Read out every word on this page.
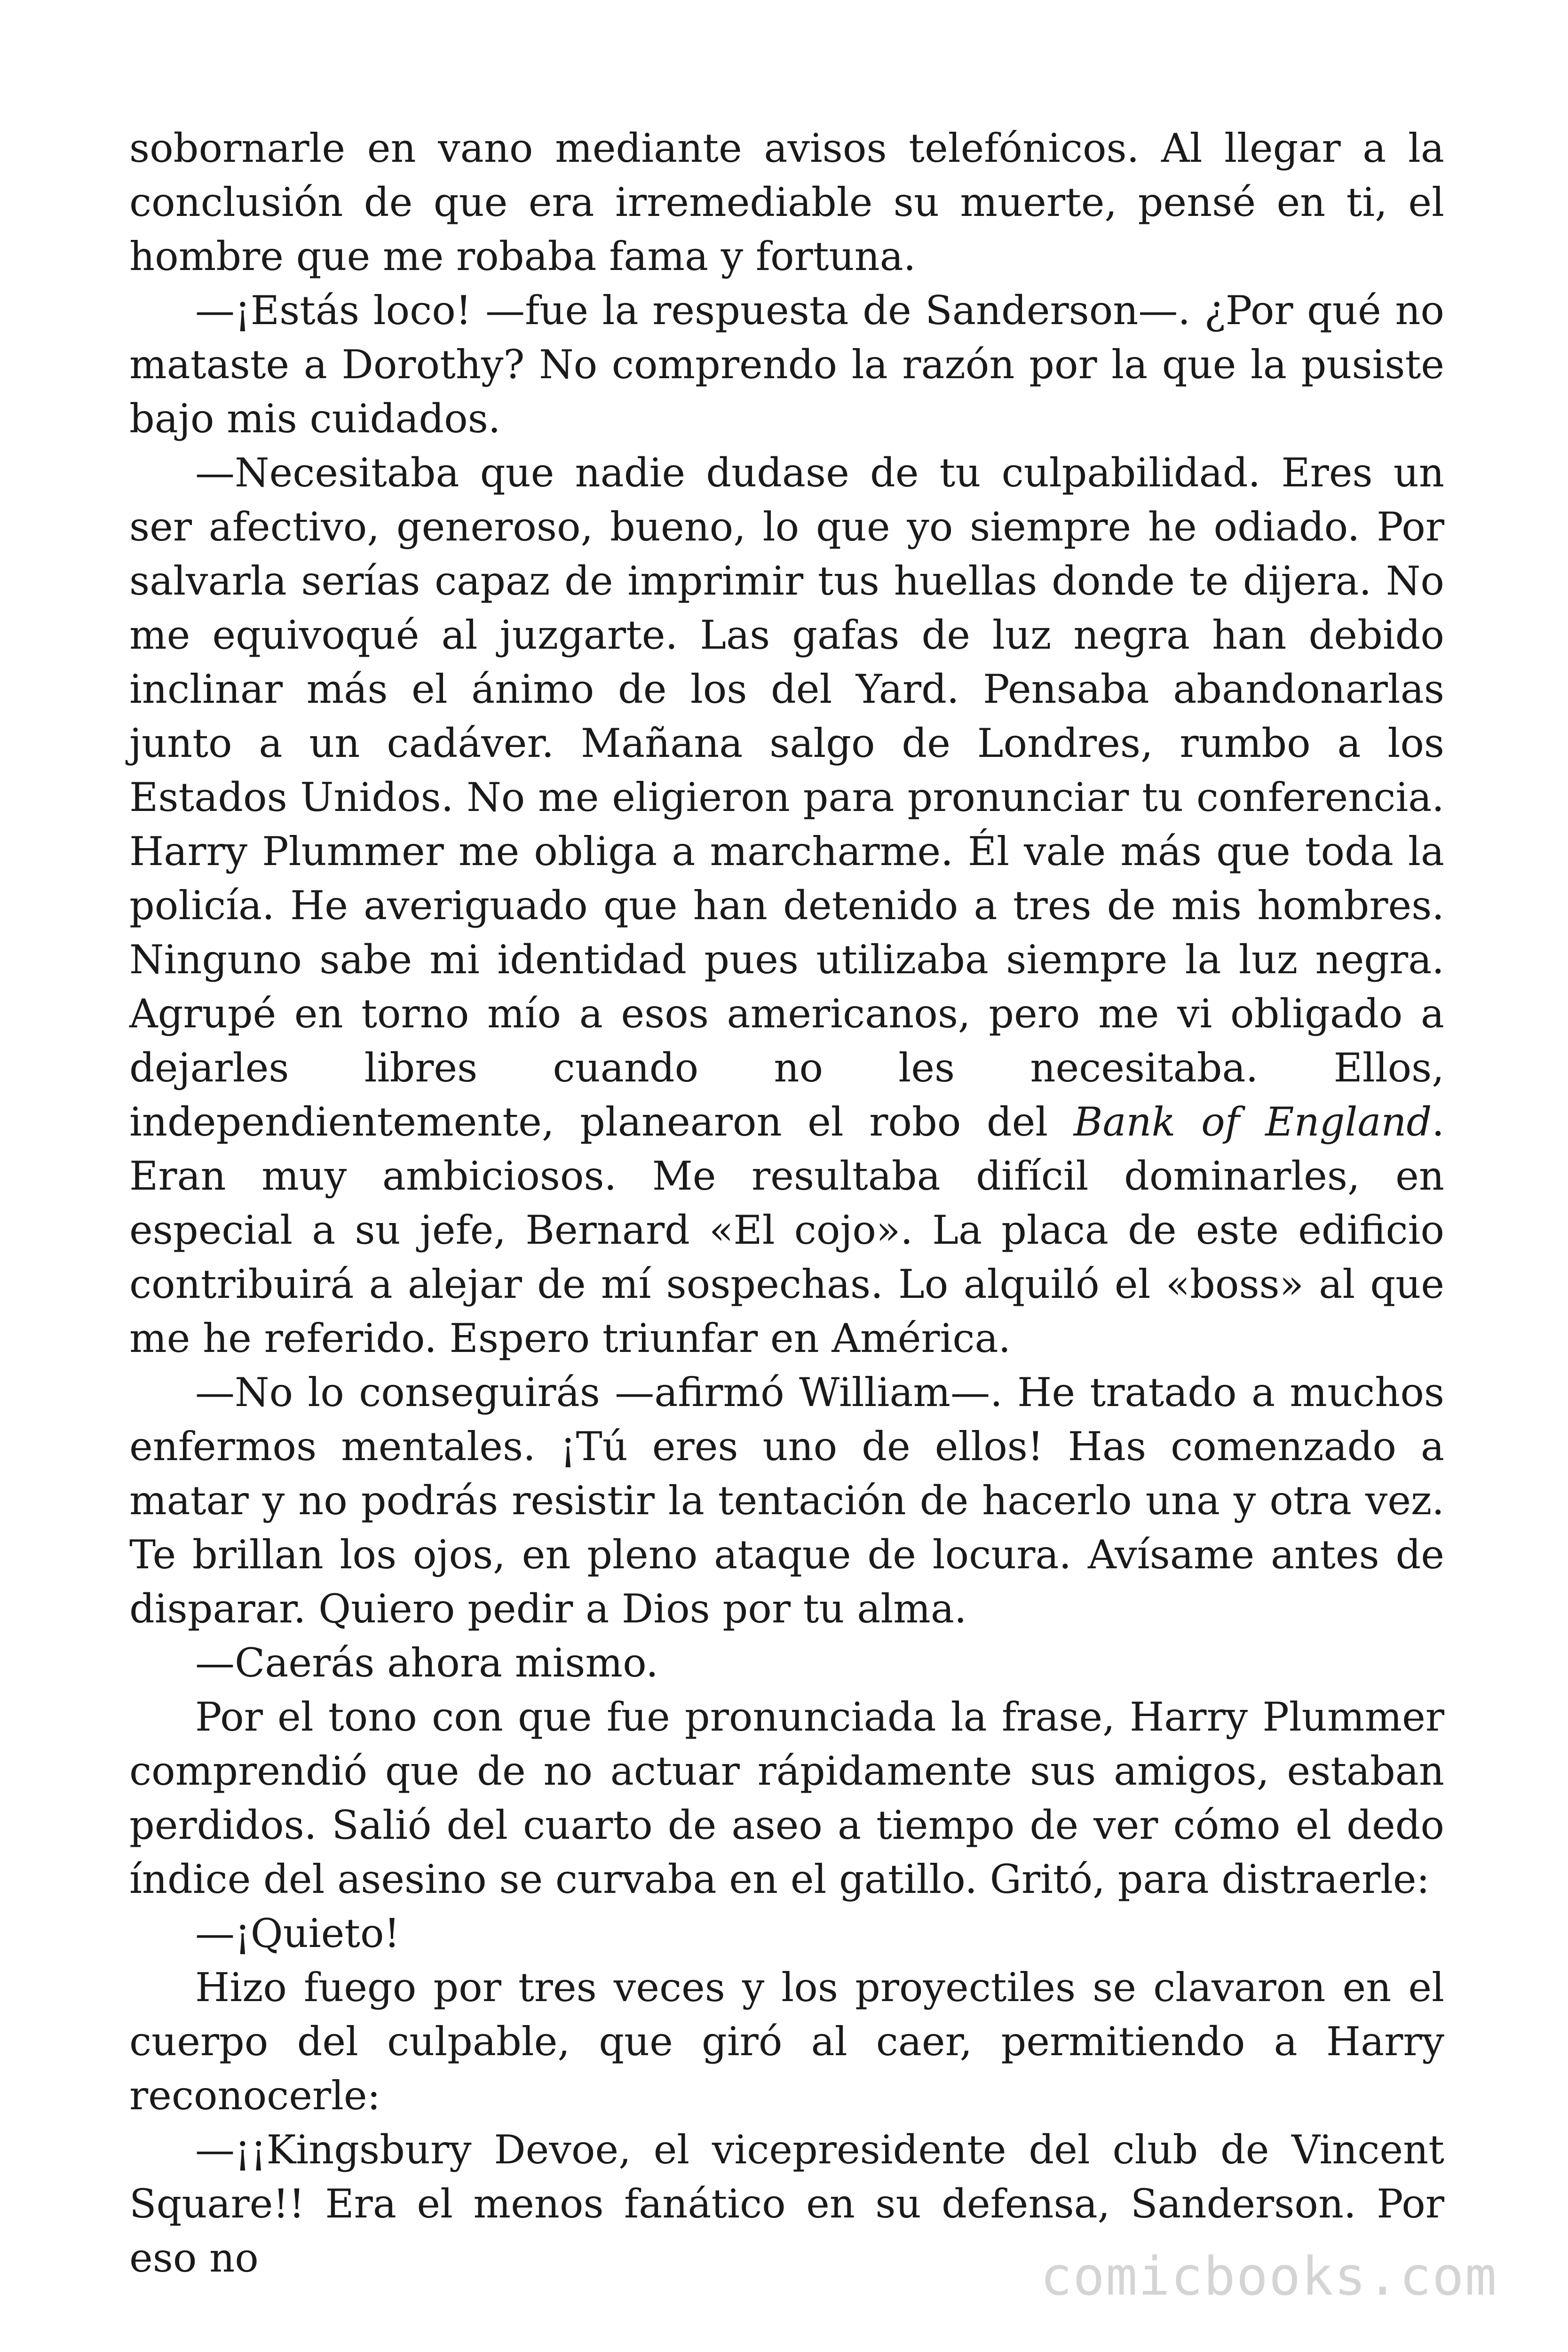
sobornarle en vano mediante avisos telefónicos. Al llegar a la conclusión de que era irremediable su muerte, pensé en ti, el hombre que me robaba fama y fortuna.

—¡Estás loco! —fue la respuesta de Sanderson—. ¿Por qué no mataste a Dorothy? No comprendo la razón por la que la pusiste bajo mis cuidados.

—Necesitaba que nadie dudase de tu culpabilidad. Eres un ser afectivo, generoso, bueno, lo que yo siempre he odiado. Por salvarla serías capaz de imprimir tus huellas donde te dijera. No me equivoqué al juzgarte. Las gafas de luz negra han debido inclinar más el ánimo de los del Yard. Pensaba abandonarlas junto a un cadáver. Mañana salgo de Londres, rumbo a los Estados Unidos. No me eligieron para pronunciar tu conferencia. Harry Plummer me obliga a marcharme. Él vale más que toda la policía. He averiguado que han detenido a tres de mis hombres. Ninguno sabe mi identidad pues utilizaba siempre la luz negra. Agrupé en torno mío a esos americanos, pero me vi obligado a dejarles libres cuando no les necesitaba. Ellos, independientemente, planearon el robo del Bank of England. Eran muy ambiciosos. Me resultaba difícil dominarles, en especial a su jefe, Bernard «El cojo». La placa de este edificio contribuirá a alejar de mí sospechas. Lo alquiló el «boss» al que me he referido. Espero triunfar en América.

—No lo conseguirás —afirmó William—. He tratado a muchos enfermos mentales. ¡Tú eres uno de ellos! Has comenzado a matar y no podrás resistir la tentación de hacerlo una y otra vez. Te brillan los ojos, en pleno ataque de locura. Avísame antes de disparar. Quiero pedir a Dios por tu alma.

—Caerás ahora mismo.

Por el tono con que fue pronunciada la frase, Harry Plummer comprendió que de no actuar rápidamente sus amigos, estaban perdidos. Salió del cuarto de aseo a tiempo de ver cómo el dedo índice del asesino se curvaba en el gatillo. Gritó, para distraerle:

—¡Quieto!

Hizo fuego por tres veces y los proyectiles se clavaron en el cuerpo del culpable, que giró al caer, permitiendo a Harry reconocerle:

—¡¡Kingsbury Devoe, el vicepresidente del club de Vincent Square!! Era el menos fanático en su defensa, Sanderson. Por eso no	comicbooks.com
